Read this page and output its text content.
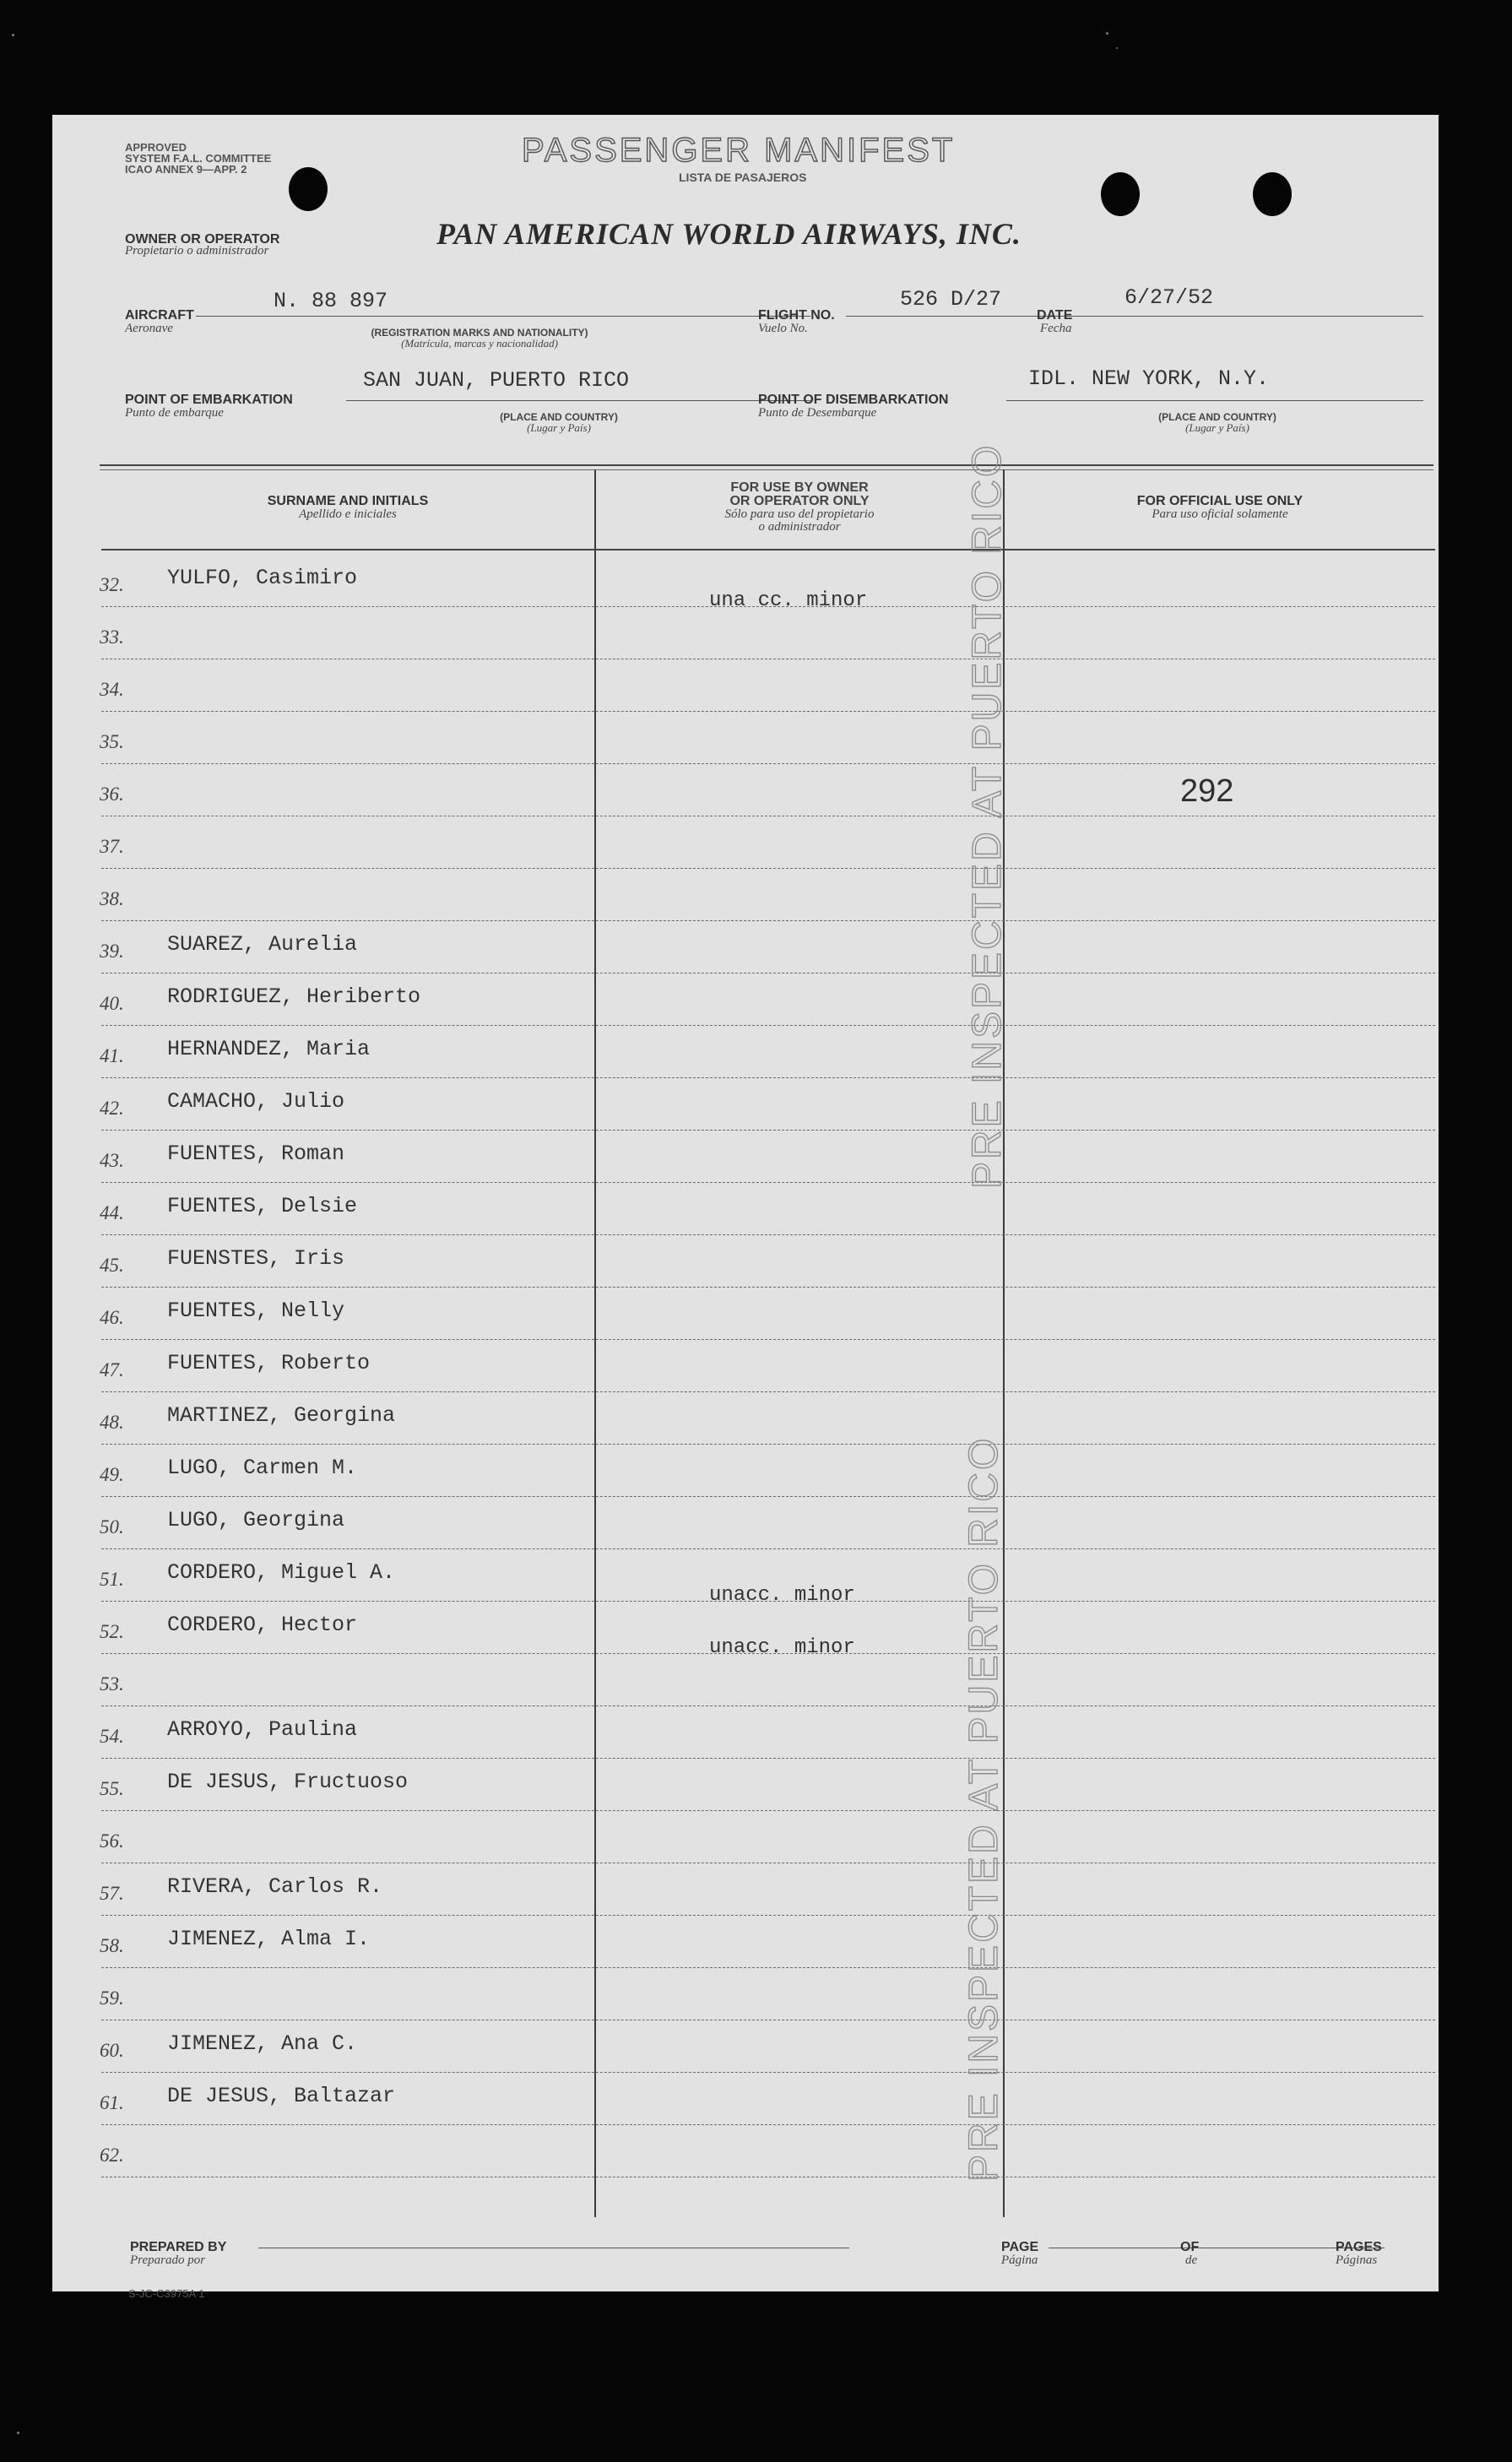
APPROVED
SYSTEM F.A.L. COMMITTEE
ICAO ANNEX 9—APP. 2
PASSENGER MANIFEST
LISTA DE PASAJEROS
OWNER OR OPERATOR
Propietario o administrador	PAN AMERICAN WORLD AIRWAYS, INC.
AIRCRAFT
Aeronave
N. 88 897
(REGISTRATION MARKS AND NATIONALITY)
(Matrícula, marcas y nacionalidad)
FLIGHT NO.
Vuelo No.
526 D/27
DATE
Fecha
6/27/52
POINT OF EMBARKATION
Punto de embarque
SAN JUAN, PUERTO RICO
(PLACE AND COUNTRY)
(Lugar y País)
POINT OF DISEMBARKATION
Punto de Desembarque
IDL. NEW YORK, N.Y.
(PLACE AND COUNTRY)
(Lugar y País)
SURNAME AND INITIALS
Apellido e iniciales
FOR USE BY OWNER
OR OPERATOR ONLY
Sólo para uso del propietario
o administrador
FOR OFFICIAL USE ONLY
Para uso oficial solamente
32. YULFO, Casimiro
una cc. minor
33.
34.
35.
36.
37.
38.
39. SUAREZ, Aurelia
40. RODRIGUEZ, Heriberto
41. HERNANDEZ, Maria
42. CAMACHO, Julio
43. FUENTES, Roman
44. FUENTES, Delsie
45. FUENSTES, Iris
46. FUENTES, Nelly
47. FUENTES, Roberto
48. MARTINEZ, Georgina
49. LUGO, Carmen M.
50. LUGO, Georgina
51. CORDERO, Miguel A.
unacc. minor
52. CORDERO, Hector
unacc. minor
53.
54. ARROYO, Paulina
55. DE JESUS, Fructuoso
56.
57. RIVERA, Carlos R.
58. JIMENEZ, Alma I.
59.
60. JIMENEZ, Ana C.
61. DE JESUS, Baltazar
62.
PRE INSPECTED AT PUERTO RICO
PRE INSPECTED AT PUERTO RICO
292
PREPARED BY
Preparado por
PAGE
Página
OF
de
PAGES
Páginas
S-JC-C3975A 1
